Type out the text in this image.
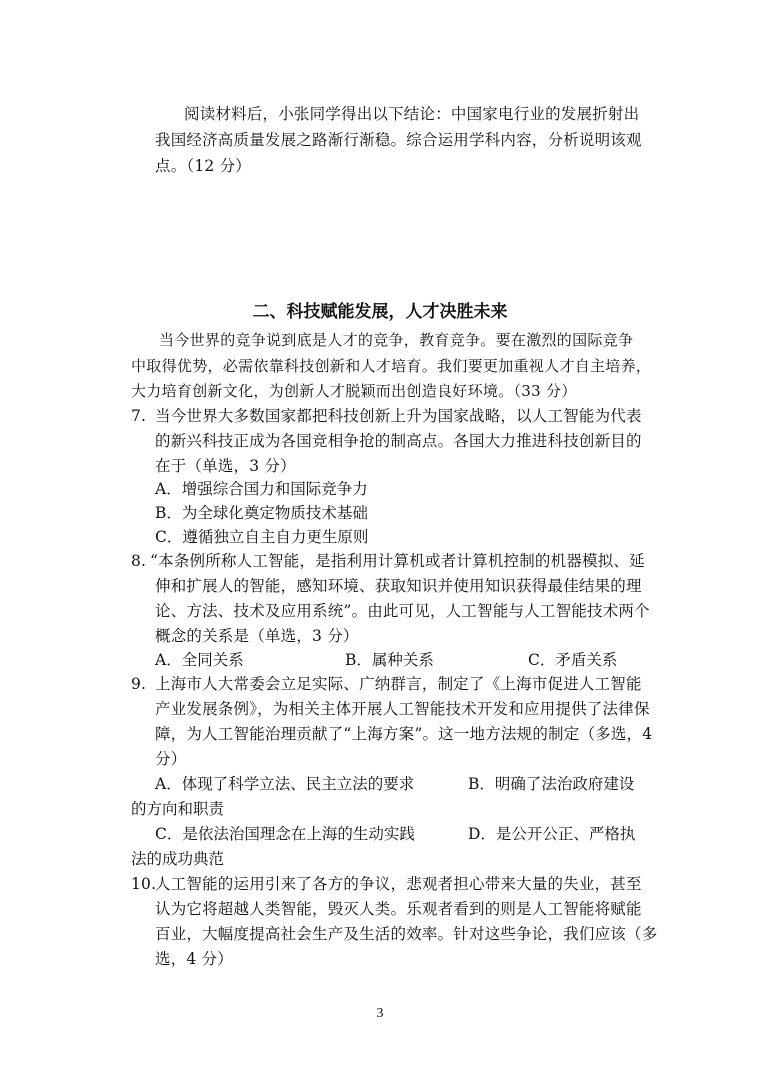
阅读材料后，小张同学得出以下结论：中国家电行业的发展折射出
我国经济高质量发展之路渐行渐稳。综合运用学科内容，分析说明该观
点。（12 分）
二、科技赋能发展，人才决胜未来
当今世界的竞争说到底是人才的竞争，教育竞争。要在激烈的国际竞争
中取得优势，必需依靠科技创新和人才培育。我们要更加重视人才自主培养，
大力培育创新文化，为创新人才脱颖而出创造良好环境。（33 分）
7. 当今世界大多数国家都把科技创新上升为国家战略，以人工智能为代表
的新兴科技正成为各国竞相争抢的制高点。各国大力推进科技创新目的
在于（单选，3 分）
A．增强综合国力和国际竞争力
B．为全球化奠定物质技术基础
C．遵循独立自主自力更生原则
8. “本条例所称人工智能，是指利用计算机或者计算机控制的机器模拟、延
伸和扩展人的智能，感知环境、获取知识并使用知识获得最佳结果的理
论、方法、技术及应用系统”。由此可见，人工智能与人工智能技术两个
概念的关系是（单选，3 分）
A．全同关系	B．属种关系	C．矛盾关系
9. 上海市人大常委会立足实际、广纳群言，制定了《上海市促进人工智能
产业发展条例》，为相关主体开展人工智能技术开发和应用提供了法律保
障，为人工智能治理贡献了“上海方案”。这一地方法规的制定（多选，4
分）
A．体现了科学立法、民主立法的要求	B．明确了法治政府建设
的方向和职责
C．是依法治国理念在上海的生动实践	D．是公开公正、严格执
法的成功典范
10.
人工智能的运用引来了各方的争议，悲观者担心带来大量的失业，甚至
认为它将超越人类智能，毁灭人类。乐观者看到的则是人工智能将赋能
百业，大幅度提高社会生产及生活的效率。针对这些争论，我们应该（多
选，4 分）
3
